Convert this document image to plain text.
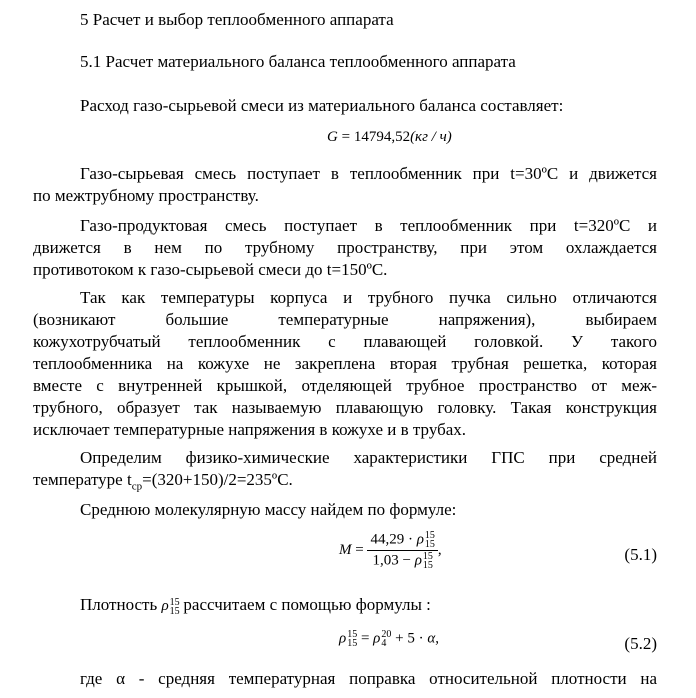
5 Расчет и выбор теплообменного аппарата
5.1 Расчет материального баланса теплообменного аппарата
Расход газо-сырьевой смеси из материального баланса составляет:
G = 14794,52(кг / ч)
Газо-сырьевая смесь поступает в теплообменник при t=30ºC и движется
по межтрубному пространству.
Газо-продуктовая смесь поступает в теплообменник при t=320ºC и
движется в нем по трубному пространству, при этом охлаждается
противотоком к газо-сырьевой смеси до t=150ºC.
Так как температуры корпуса и трубного пучка сильно отличаются
(возникают большие температурные напряжения), выбираем
кожухотрубчатый теплообменник с плавающей головкой. У такого
теплообменника на кожухе не закреплена вторая трубная решетка, которая
вместе с внутренней крышкой, отделяющей трубное пространство от меж-
трубного, образует так называемую плавающую головку. Такая конструкция
исключает температурные напряжения в кожухе и в трубах.
Определим физико-химические характеристики ГПС при средней
температуре $t_{ср}=(320+150)/2=235ºC$.
Среднюю молекулярную массу найдем по формуле:
M = 44,29 · ρ 15
15
1,03 − ρ 15
15 ,	(5.1)
Плотность ρ 15
15 рассчитаем с помощью формулы :
ρ 15
15 = ρ 20
4 + 5 · α,	(5.2)
где α - средняя температурная поправка относительной плотности на
